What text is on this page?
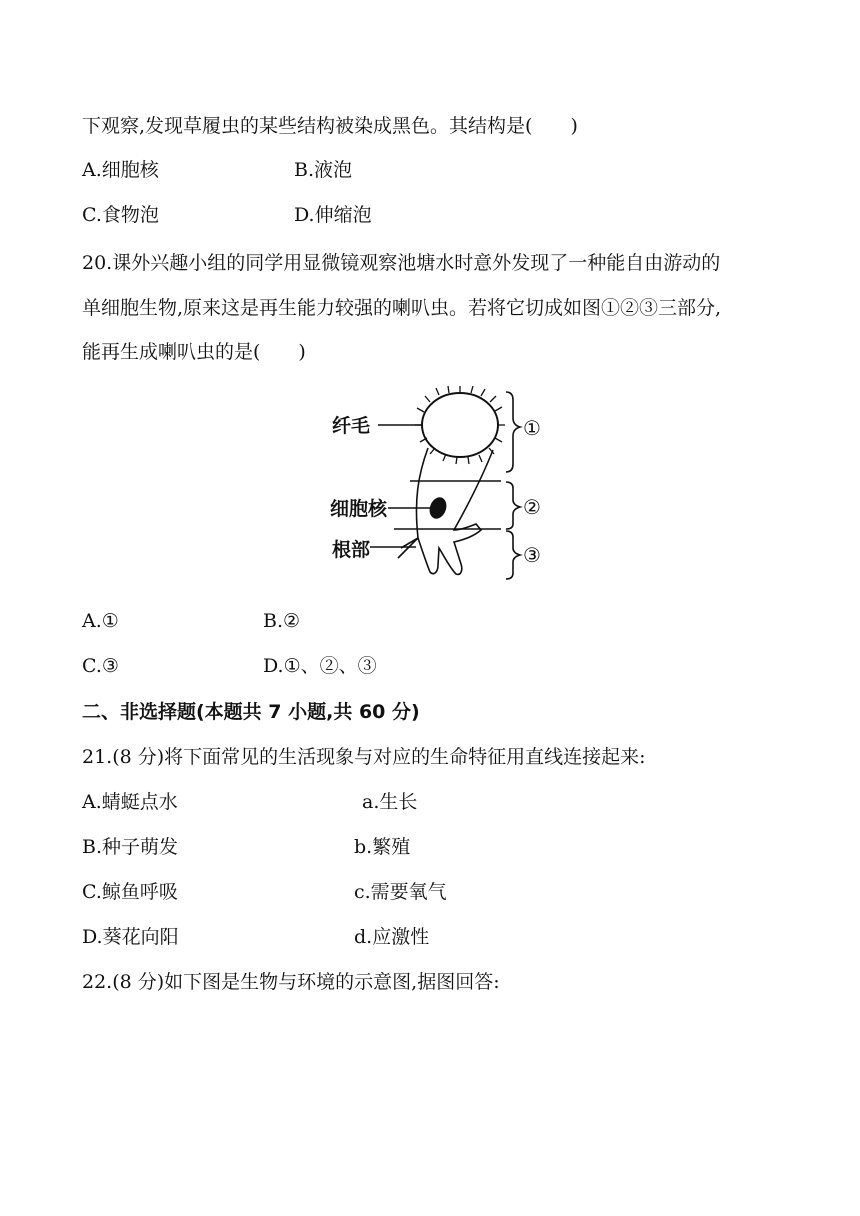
下观察,发现草履虫的某些结构被染成黑色。其结构是(　　)
A.细胞核	B.液泡
C.食物泡	D.伸缩泡
20.课外兴趣小组的同学用显微镜观察池塘水时意外发现了一种能自由游动的
单细胞生物,原来这是再生能力较强的喇叭虫。若将它切成如图①②③三部分,
能再生成喇叭虫的是(　　)
纤毛
细胞核
根部
①
②
③
A.①	B.②
C.③	D.①、②、③
二、非选择题(本题共 7 小题,共 60 分)
21.(8 分)将下面常见的生活现象与对应的生命特征用直线连接起来:
A.蜻蜓点水	a.生长
B.种子萌发	b.繁殖
C.鲸鱼呼吸	c.需要氧气
D.葵花向阳	d.应激性
22.(8 分)如下图是生物与环境的示意图,据图回答:
